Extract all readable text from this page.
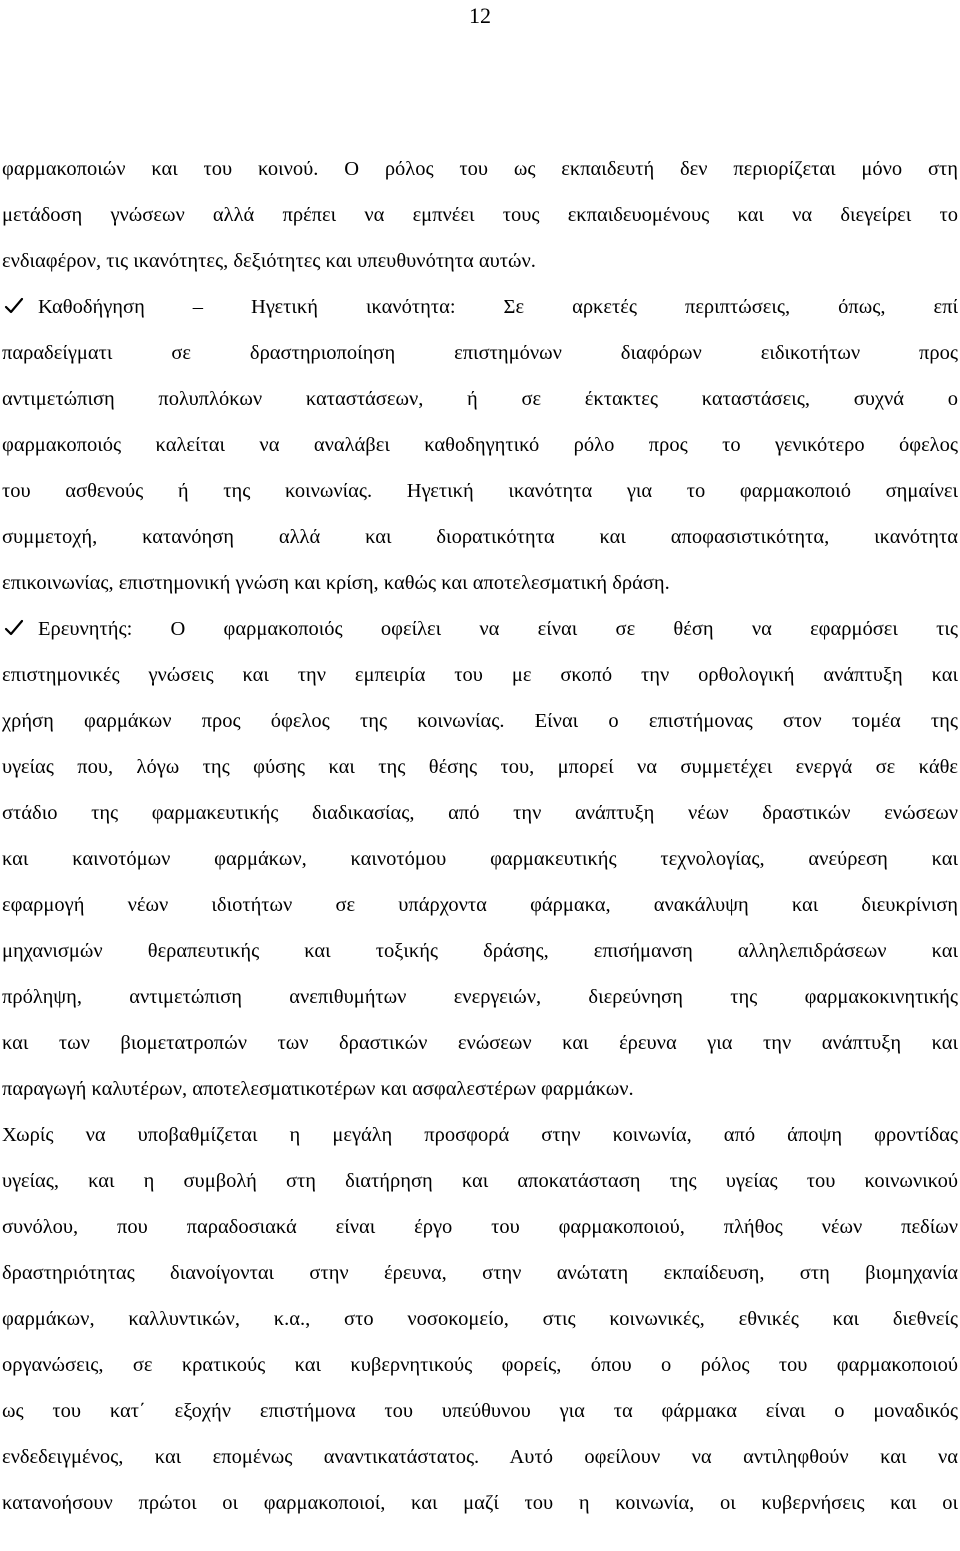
12
φαρμακοποιών και του κοινού. Ο ρόλος του ως εκπαιδευτή δεν περιορίζεται μόνο στη
μετάδοση γνώσεων αλλά πρέπει να εμπνέει τους εκπαιδευομένους και να διεγείρει το
ενδιαφέρον, τις ικανότητες, δεξιότητες και υπευθυνότητα αυτών.
Καθοδήγηση – Ηγετική ικανότητα: Σε αρκετές περιπτώσεις, όπως, επί
παραδείγματι σε δραστηριοποίηση επιστημόνων διαφόρων ειδικοτήτων προς
αντιμετώπιση πολυπλόκων καταστάσεων, ή σε έκτακτες καταστάσεις, συχνά ο
φαρμακοποιός καλείται να αναλάβει καθοδηγητικό ρόλο προς το γενικότερο όφελος
του ασθενούς ή της κοινωνίας. Ηγετική ικανότητα για το φαρμακοποιό σημαίνει
συμμετοχή, κατανόηση αλλά και διορατικότητα και αποφασιστικότητα, ικανότητα
επικοινωνίας, επιστημονική γνώση και κρίση, καθώς και αποτελεσματική δράση.
Ερευνητής: Ο φαρμακοποιός οφείλει να είναι σε θέση να εφαρμόσει τις
επιστημονικές γνώσεις και την εμπειρία του με σκοπό την ορθολογική ανάπτυξη και
χρήση φαρμάκων προς όφελος της κοινωνίας. Είναι ο επιστήμονας στον τομέα της
υγείας που, λόγω της φύσης και της θέσης του, μπορεί να συμμετέχει ενεργά σε κάθε
στάδιο της φαρμακευτικής διαδικασίας, από την ανάπτυξη νέων δραστικών ενώσεων
και καινοτόμων φαρμάκων, καινοτόμου φαρμακευτικής τεχνολογίας, ανεύρεση και
εφαρμογή νέων ιδιοτήτων σε υπάρχοντα φάρμακα, ανακάλυψη και διευκρίνιση
μηχανισμών θεραπευτικής και τοξικής δράσης, επισήμανση αλληλεπιδράσεων και
πρόληψη, αντιμετώπιση ανεπιθυμήτων ενεργειών, διερεύνηση της φαρμακοκινητικής
και των βιομετατροπών των δραστικών ενώσεων και έρευνα για την ανάπτυξη και
παραγωγή καλυτέρων, αποτελεσματικοτέρων και ασφαλεστέρων φαρμάκων.
Χωρίς να υποβαθμίζεται η μεγάλη προσφορά στην κοινωνία, από άποψη φροντίδας
υγείας, και η συμβολή στη διατήρηση και αποκατάσταση της υγείας του κοινωνικού
συνόλου, που παραδοσιακά είναι έργο του φαρμακοποιού, πλήθος νέων πεδίων
δραστηριότητας διανοίγονται στην έρευνα, στην ανώτατη εκπαίδευση, στη βιομηχανία
φαρμάκων, καλλυντικών, κ.α., στο νοσοκομείο, στις κοινωνικές, εθνικές και διεθνείς
οργανώσεις, σε κρατικούς και κυβερνητικούς φορείς, όπου ο ρόλος του φαρμακοποιού
ως του κατ΄ εξοχήν επιστήμονα του υπεύθυνου για τα φάρμακα είναι ο μοναδικός
ενδεδειγμένος, και επομένως αναντικατάστατος. Αυτό οφείλουν να αντιληφθούν και να
κατανοήσουν πρώτοι οι φαρμακοποιοί, και μαζί του η κοινωνία, οι κυβερνήσεις και οι
